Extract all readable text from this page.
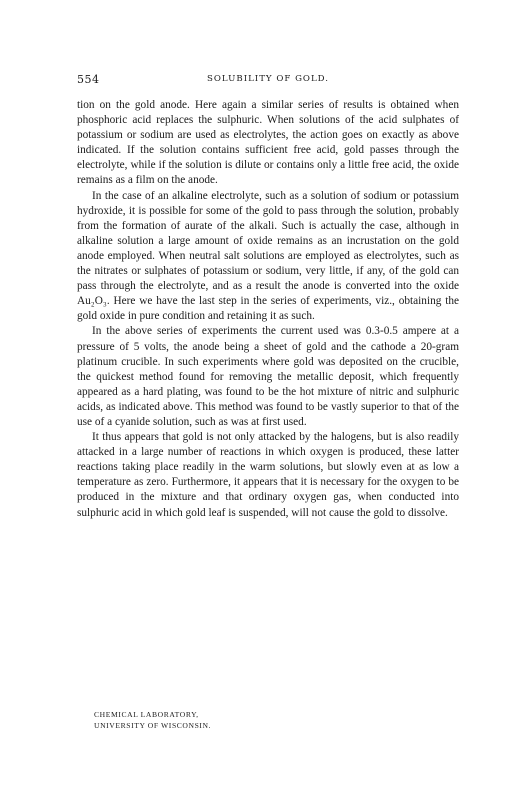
554	SOLUBILITY OF GOLD.

tion on the gold anode. Here again a similar series of results is obtained when phosphoric acid replaces the sulphuric. When solutions of the acid sulphates of potassium or sodium are used as electrolytes, the action goes on exactly as above indicated. If the solution contains sufficient free acid, gold passes through the electrolyte, while if the solution is dilute or contains only a little free acid, the oxide remains as a film on the anode.

In the case of an alkaline electrolyte, such as a solution of sodium or potassium hydroxide, it is possible for some of the gold to pass through the solution, probably from the formation of aurate of the alkali. Such is actually the case, although in alkaline solution a large amount of oxide remains as an incrustation on the gold anode employed. When neutral salt solutions are employed as electrolytes, such as the nitrates or sulphates of potassium or sodium, very little, if any, of the gold can pass through the electrolyte, and as a result the anode is converted into the oxide Au₂O₃. Here we have the last step in the series of experiments, viz., obtaining the gold oxide in pure condition and retaining it as such.

In the above series of experiments the current used was 0.3-0.5 ampere at a pressure of 5 volts, the anode being a sheet of gold and the cathode a 20-gram platinum crucible. In such experiments where gold was deposited on the crucible, the quickest method found for removing the metallic deposit, which frequently appeared as a hard plating, was found to be the hot mixture of nitric and sulphuric acids, as indicated above. This method was found to be vastly superior to that of the use of a cyanide solution, such as was at first used.

It thus appears that gold is not only attacked by the halogens, but is also readily attacked in a large number of reactions in which oxygen is produced, these latter reactions taking place readily in the warm solutions, but slowly even at as low a temperature as zero. Furthermore, it appears that it is necessary for the oxygen to be produced in the mixture and that ordinary oxygen gas, when conducted into sulphuric acid in which gold leaf is suspended, will not cause the gold to dissolve.

CHEMICAL LABORATORY,
UNIVERSITY OF WISCONSIN.
